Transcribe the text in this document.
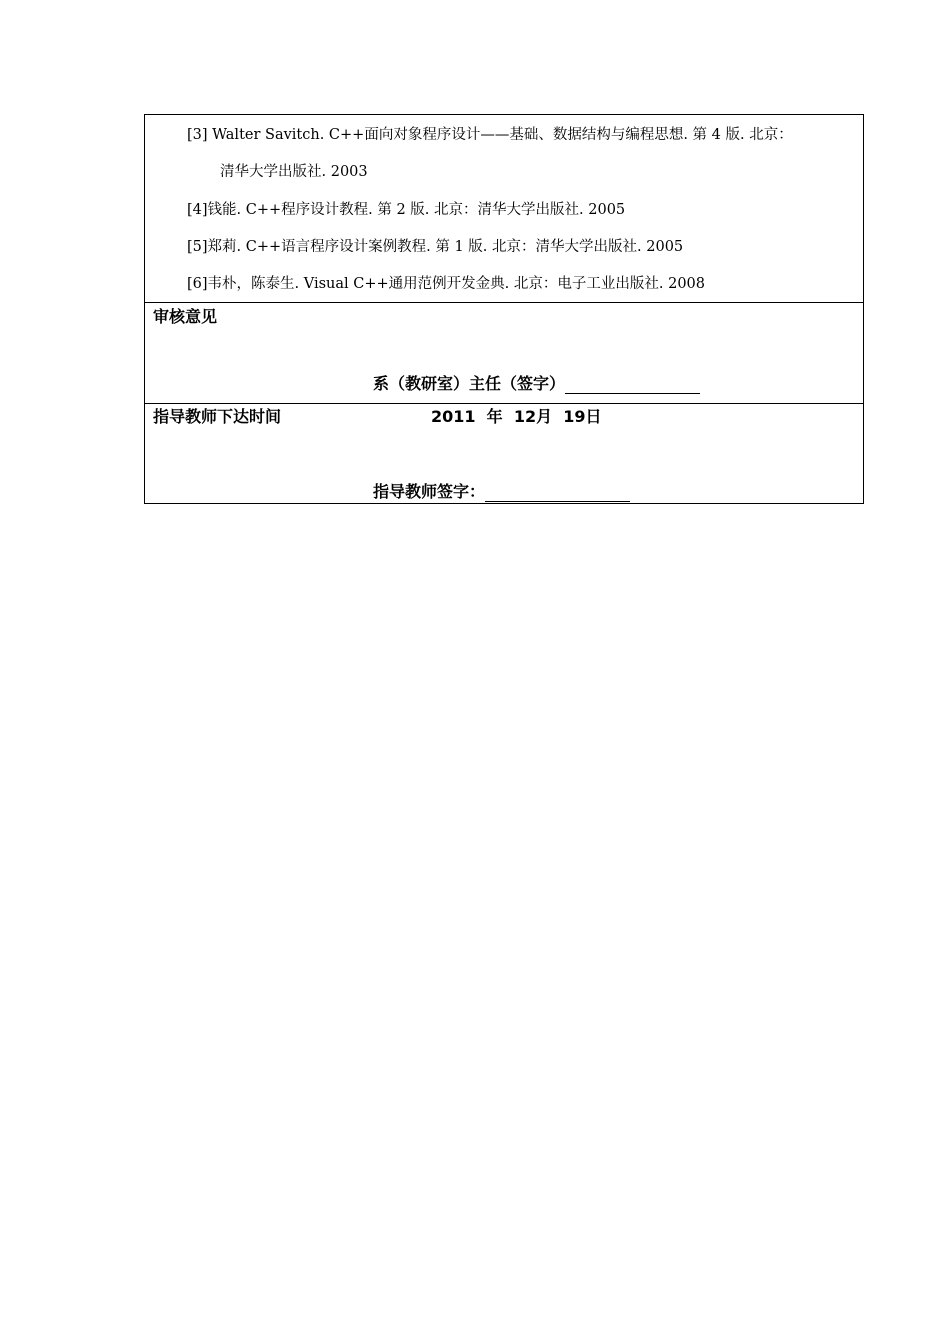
[3] Walter Savitch. C++面向对象程序设计——基础、数据结构与编程思想. 第 4 版. 北京：
清华大学出版社. 2003
[4]钱能. C++程序设计教程. 第 2 版. 北京：清华大学出版社. 2005
[5]郑莉. C++语言程序设计案例教程. 第 1 版. 北京：清华大学出版社. 2005
[6]韦朴，陈泰生. Visual C++通用范例开发金典. 北京：电子工业出版社. 2008
审核意见
系（教研室）主任（签字）
指导教师下达时间	2011  年  12月  19日
指导教师签字：
